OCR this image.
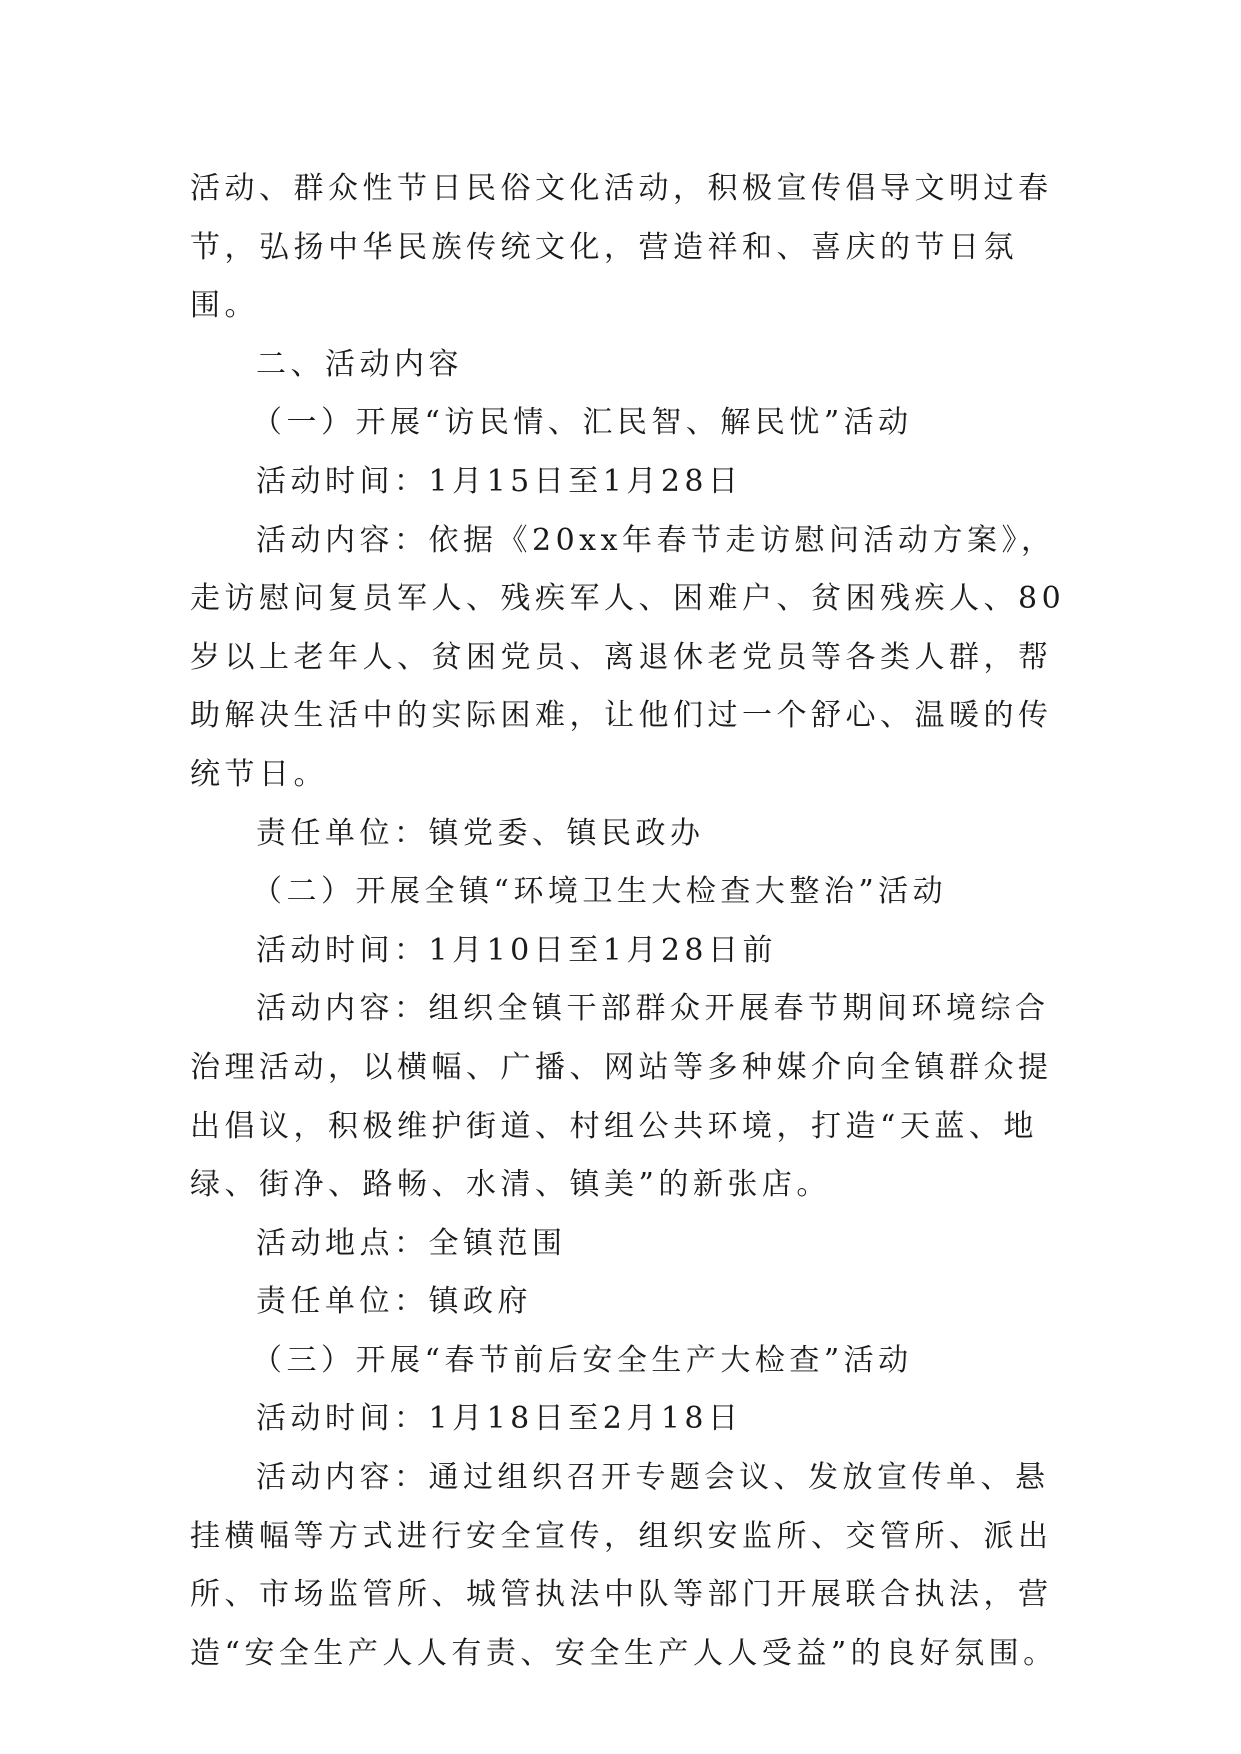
活动、群众性节日民俗文化活动，积极宣传倡导文明过春节，弘扬中华民族传统文化，营造祥和、喜庆的节日氛围。

二、活动内容

（一）开展“访民情、汇民智、解民忧”活动

活动时间：1月15日至1月28日

活动内容：依据《20xx年春节走访慰问活动方案》，走访慰问复员军人、残疾军人、困难户、贫困残疾人、80岁以上老年人、贫困党员、离退休老党员等各类人群，帮助解决生活中的实际困难，让他们过一个舒心、温暖的传统节日。

责任单位：镇党委、镇民政办

（二）开展全镇“环境卫生大检查大整治”活动

活动时间：1月10日至1月28日前

活动内容：组织全镇干部群众开展春节期间环境综合治理活动，以横幅、广播、网站等多种媒介向全镇群众提出倡议，积极维护街道、村组公共环境，打造“天蓝、地绿、街净、路畅、水清、镇美”的新张店。

活动地点：全镇范围

责任单位：镇政府

（三）开展“春节前后安全生产大检查”活动

活动时间：1月18日至2月18日

活动内容：通过组织召开专题会议、发放宣传单、悬挂横幅等方式进行安全宣传，组织安监所、交管所、派出所、市场监管所、城管执法中队等部门开展联合执法，营造“安全生产人人有责、安全生产人人受益”的良好氛围。
